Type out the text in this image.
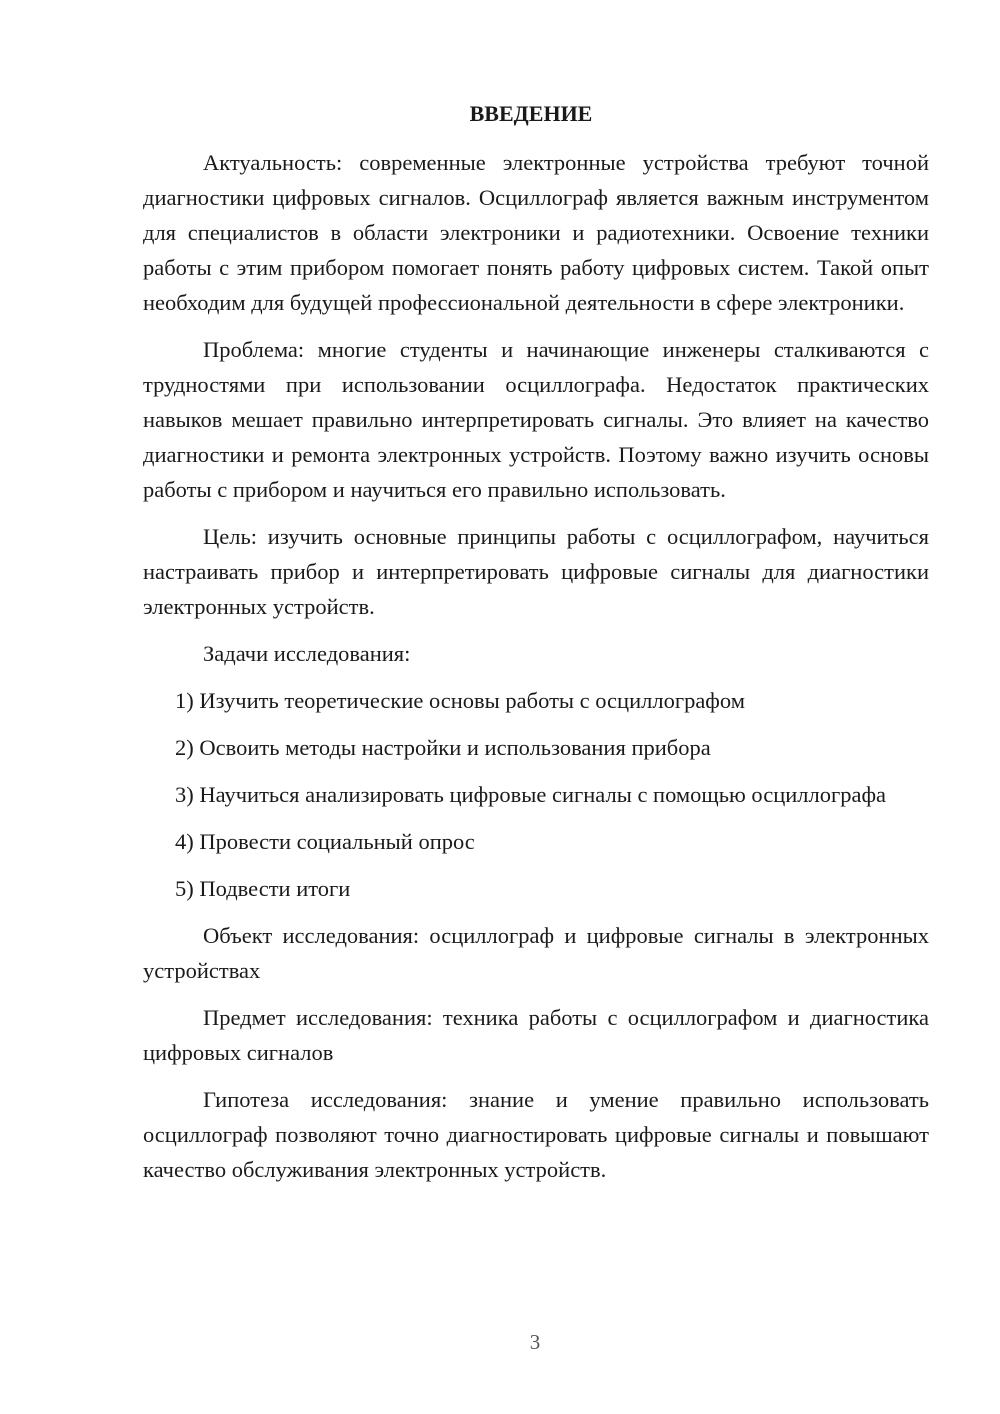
ВВЕДЕНИЕ

Актуальность: современные электронные устройства требуют точной диагностики цифровых сигналов. Осциллограф является важным инструментом для специалистов в области электроники и радиотехники. Освоение техники работы с этим прибором помогает понять работу цифровых систем. Такой опыт необходим для будущей профессиональной деятельности в сфере электроники.

Проблема: многие студенты и начинающие инженеры сталкиваются с трудностями при использовании осциллографа. Недостаток практических навыков мешает правильно интерпретировать сигналы. Это влияет на качество диагностики и ремонта электронных устройств. Поэтому важно изучить основы работы с прибором и научиться его правильно использовать.

Цель: изучить основные принципы работы с осциллографом, научиться настраивать прибор и интерпретировать цифровые сигналы для диагностики электронных устройств.

Задачи исследования:

1) Изучить теоретические основы работы с осциллографом

2) Освоить методы настройки и использования прибора

3) Научиться анализировать цифровые сигналы с помощью осциллографа

4) Провести социальный опрос

5) Подвести итоги

Объект исследования: осциллограф и цифровые сигналы в электронных устройствах

Предмет исследования: техника работы с осциллографом и диагностика цифровых сигналов

Гипотеза исследования: знание и умение правильно использовать осциллограф позволяют точно диагностировать цифровые сигналы и повышают качество обслуживания электронных устройств.

3
